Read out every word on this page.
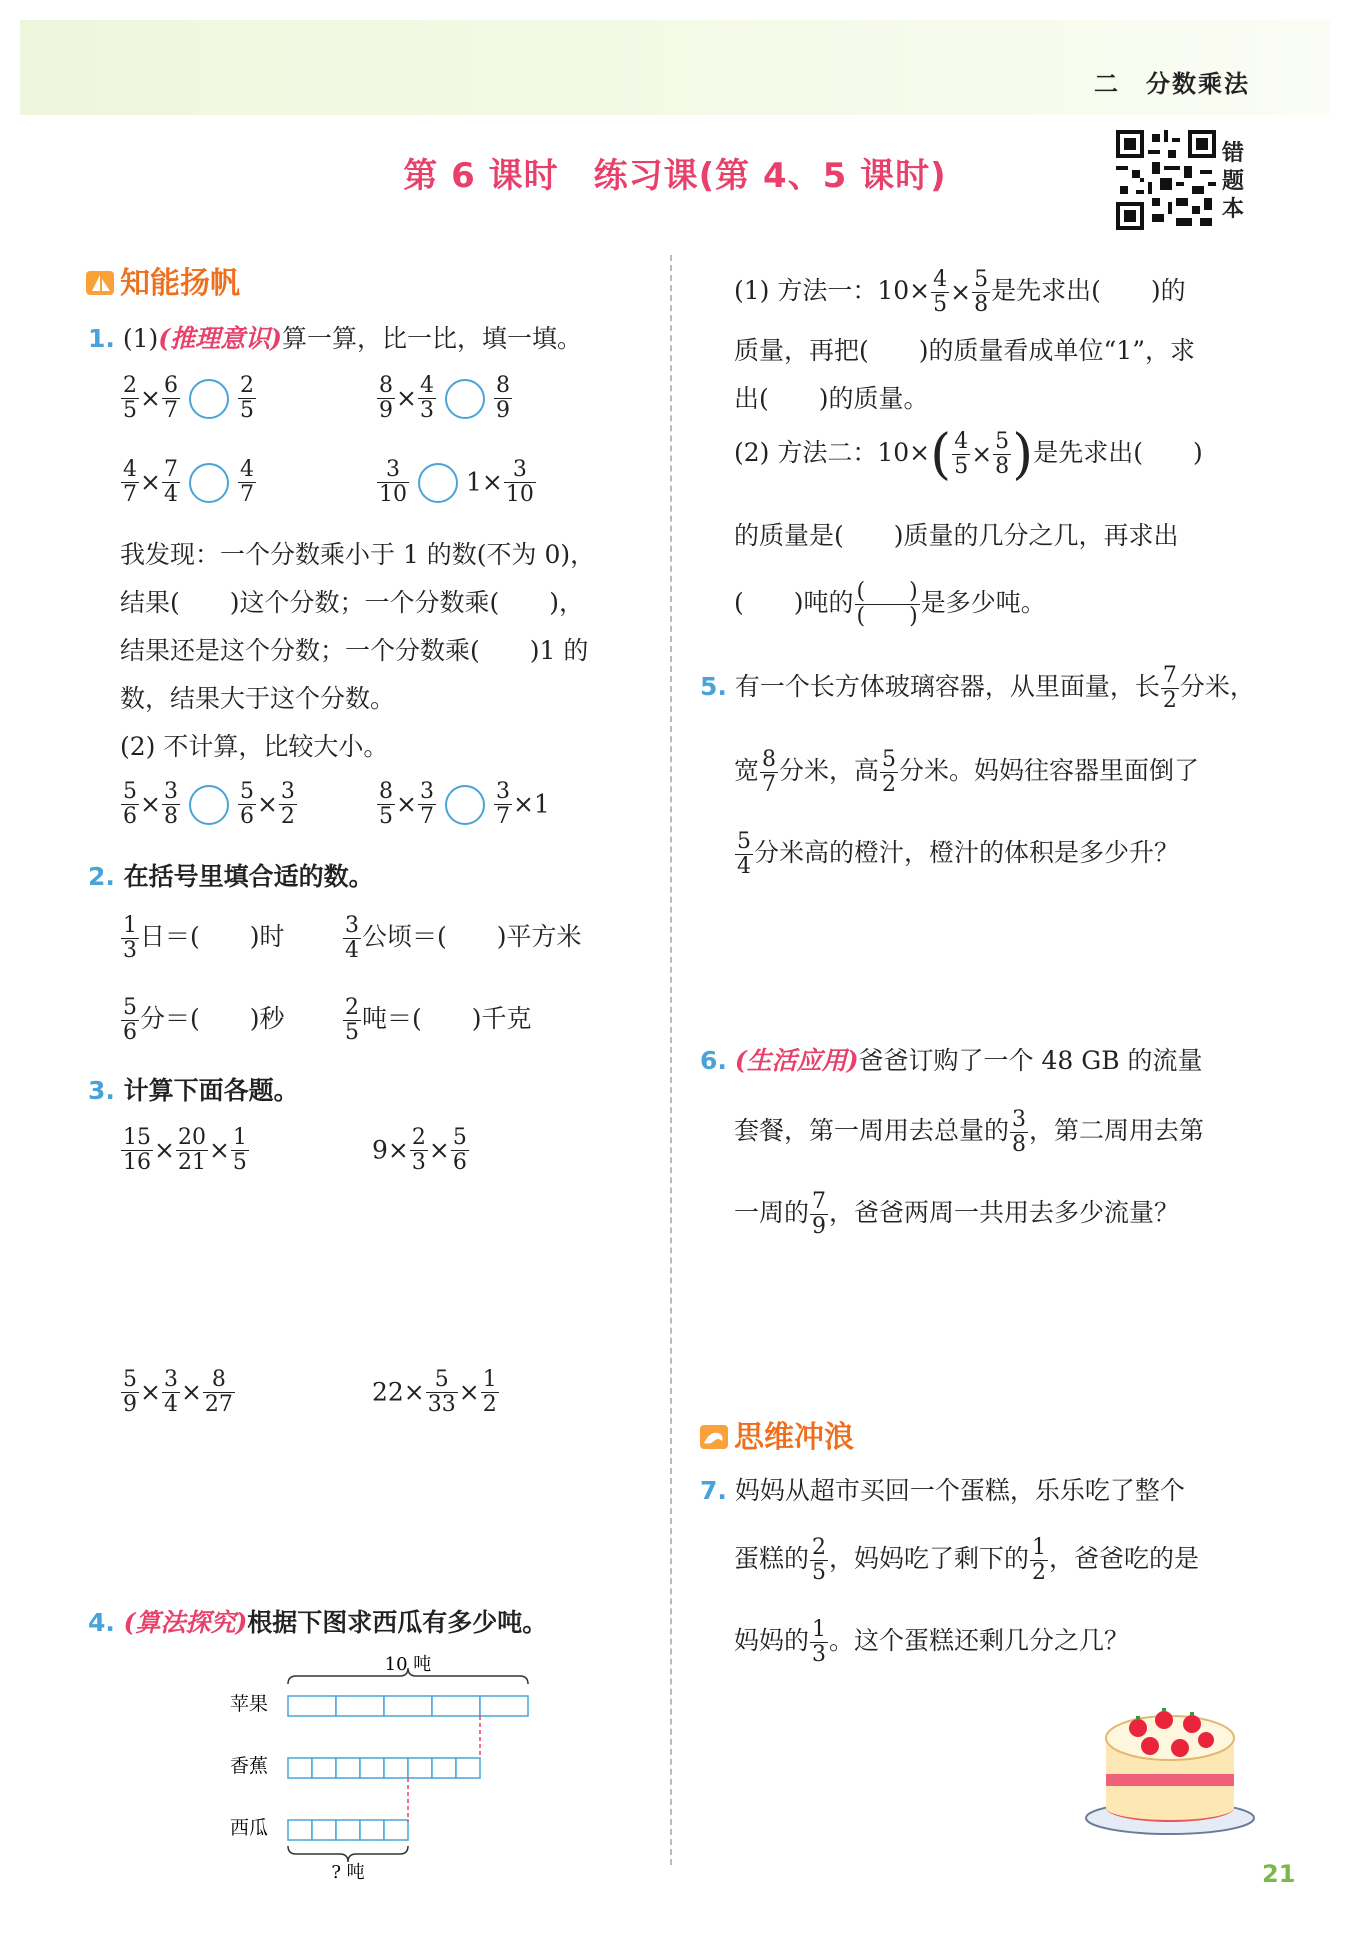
二　分数乘法
第 6 课时　练习课(第 4、5 课时)
错题本
知能扬帆
1. (1)(推理意识)算一算，比一比，填一填。
$\frac{2}{5} \times \frac{6}{7}$	$\frac{2}{5}$	$\frac{8}{9} \times \frac{4}{3}$	$\frac{8}{9}$
$\frac{4}{7} \times \frac{7}{4}$	$\frac{4}{7}$	$\frac{3}{10} 1\times \frac{3}{10}$
我发现：一个分数乘小于 1 的数(不为 0)，
结果(　　)这个分数；一个分数乘(　　)，
结果还是这个分数；一个分数乘(　　)1 的
数，结果大于这个分数。
(2) 不计算，比较大小。
$\frac{5}{6} \times \frac{3}{8}$	$\frac{5}{6} \times \frac{3}{2}$	$\frac{8}{5} \times \frac{3}{7}$	$\frac{3}{7} \times 1$
2. 在括号里填合适的数。
$\frac{1}{3}$ 日＝(　　)时	$\frac{3}{4}$ 公顷＝(　　)平方米
$\frac{5}{6}$ 分＝(　　)秒	$\frac{2}{5}$ 吨＝(　　)千克
3. 计算下面各题。
$\frac{15}{16} \times \frac{20}{21} \times \frac{1}{5}$	$9\times \frac{2}{3} \times \frac{5}{6}$
$\frac{5}{9} \times \frac{3}{4} \times \frac{8}{27}$	$22\times \frac{5}{33} \times \frac{1}{2}$
4. (算法探究)根据下图求西瓜有多少吨。
10 吨
苹果
香蕉
西瓜
? 吨
(1) 方法一：$10\times \frac{4}{5} \times \frac{5}{8}$ 是先求出(　　)的
质量，再把(　　)的质量看成单位“1”，求
出(　　)的质量。
(2) 方法二：$10\times( \frac{4}{5} \times \frac{5}{8}$ )是先求出(　　)
的质量是(　　)质量的几分之几，再求出
(　　)吨的 $\frac{( )}{( )}$ 是多少吨。
5. 有一个长方体玻璃容器，从里面量，长 $\frac{7}{2}$ 分米，
宽 $\frac{8}{7}$ 分米，高 $\frac{5}{2}$ 分米。妈妈往容器里面倒了
$\frac{5}{4}$ 分米高的橙汁，橙汁的体积是多少升？
6. (生活应用)爸爸订购了一个 48 GB 的流量
套餐，第一周用去总量的 $\frac{3}{8}$ ，第二周用去第
一周的 $\frac{7}{9}$ ，爸爸两周一共用去多少流量？
思维冲浪
7. 妈妈从超市买回一个蛋糕，乐乐吃了整个
蛋糕的 $\frac{2}{5}$ ，妈妈吃了剩下的 $\frac{1}{2}$ ，爸爸吃的是
妈妈的 $\frac{1}{3}$ 。这个蛋糕还剩几分之几？
21
